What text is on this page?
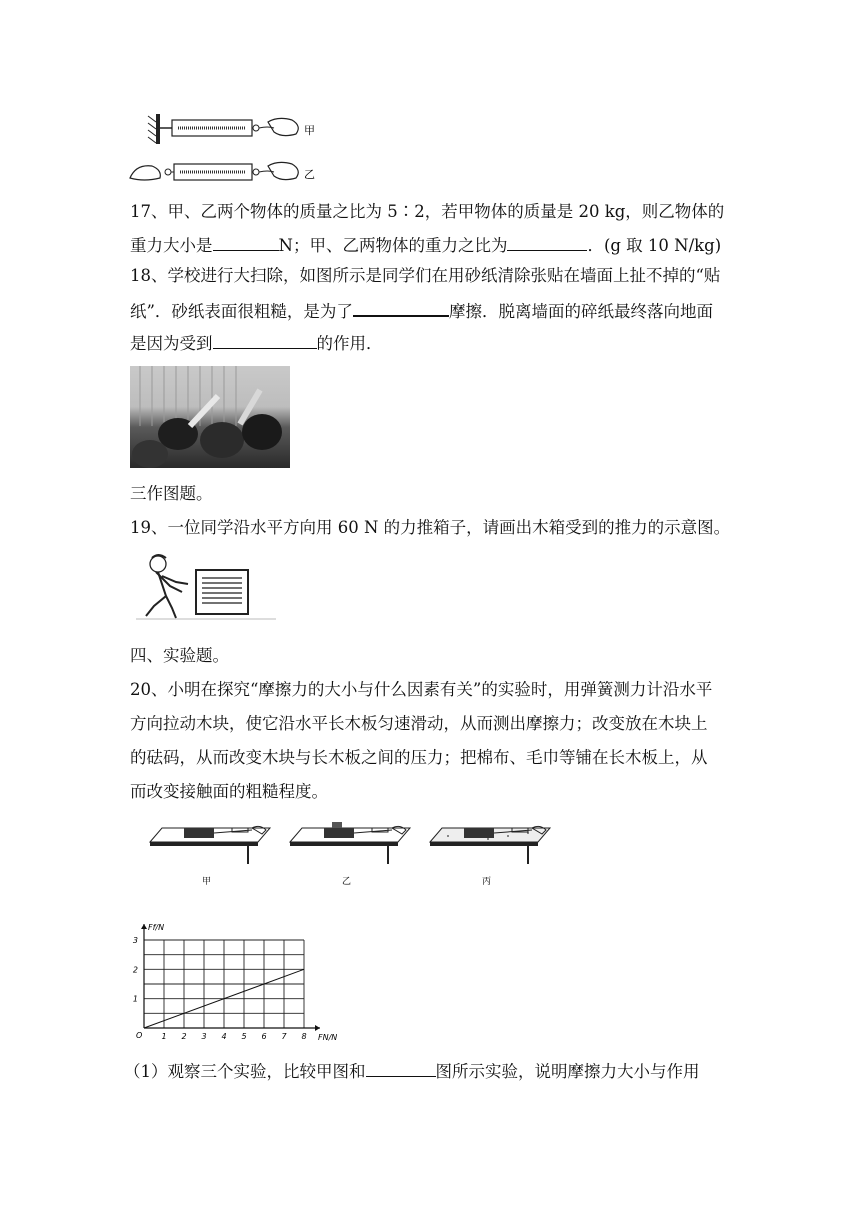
甲
乙
17、甲、乙两个物体的质量之比为 5∶2，若甲物体的质量是 20 kg，则乙物体的
重力大小是	N；甲、乙两物体的重力之比为	．(g 取 10 N/kg)
18、学校进行大扫除，如图所示是同学们在用砂纸清除张贴在墙面上扯不掉的“贴
纸”．砂纸表面很粗糙，是为了	摩擦．脱离墙面的碎纸最终落向地面
是因为受到	的作用．
三作图题。
19、一位同学沿水平方向用 60 N 的力推箱子，请画出木箱受到的推力的示意图。
四、实验题。
20、小明在探究“摩擦力的大小与什么因素有关”的实验时，用弹簧测力计沿水平
方向拉动木块，使它沿水平长木板匀速滑动，从而测出摩擦力；改变放在木块上
的砝码，从而改变木块与长木板之间的压力；把棉布、毛巾等铺在长木板上，从
而改变接触面的粗糙程度。
甲	乙	丙
1 2 3 4 5 6 7 8
1
2
3
O	FN/N
Ff/N
（1）观察三个实验，比较甲图和	图所示实验，说明摩擦力大小与作用
